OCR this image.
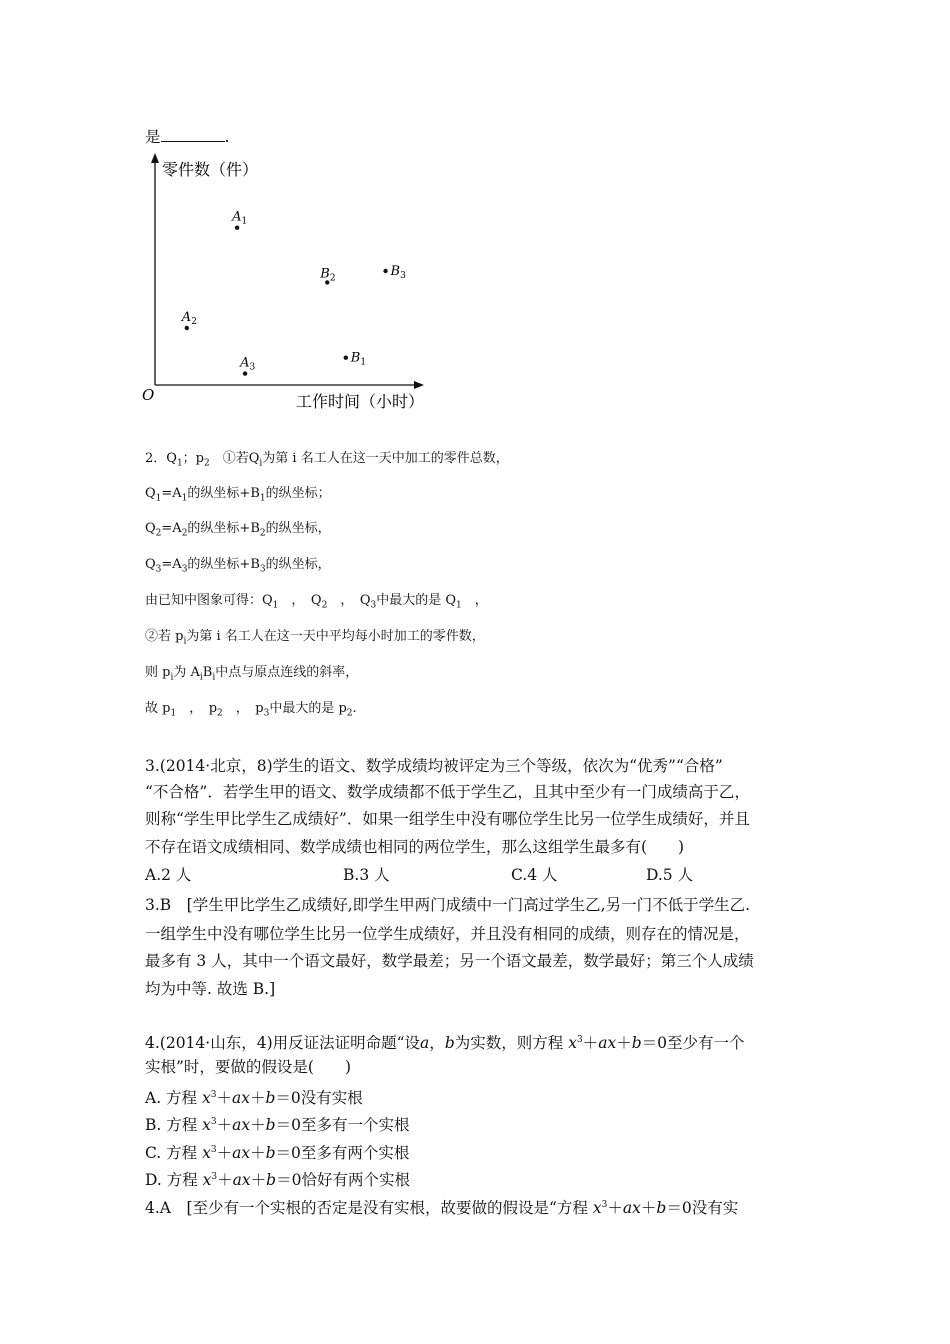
是	.
零件数（件）
工作时间（小时）
O
$A_1$
$A_2$
$A_3$
$B_1$
$B_2$	$B_3$
2．$Q_1$；$p_2$　①若$Q_i$为第 i 名工人在这一天中加工的零件总数，
$Q_1=A_1$的纵坐标$+B_1$的纵坐标；
$Q_2=A_2$的纵坐标$+B_2$的纵坐标，
$Q_3=A_3$的纵坐标$+B_3$的纵坐标，
由已知中图象可得：$Q_1$　，　$Q_2$　，　$Q_3$中最大的是 $Q_1$　，
②若 $p_i$为第 i 名工人在这一天中平均每小时加工的零件数，
则 $p_i$为 $A_iB_i$中点与原点连线的斜率，
故 $p_1$　，　$p_2$　，　$p_3$中最大的是 $p_2$.
3.(2014·北京，8)学生的语文、数学成绩均被评定为三个等级，依次为“优秀”“合格”
“不合格”．若学生甲的语文、数学成绩都不低于学生乙，且其中至少有一门成绩高于乙，
则称“学生甲比学生乙成绩好”．如果一组学生中没有哪位学生比另一位学生成绩好，并且
不存在语文成绩相同、数学成绩也相同的两位学生，那么这组学生最多有(　　)
A.2 人	B.3 人	C.4 人	D.5 人
3.B　[学生甲比学生乙成绩好,即学生甲两门成绩中一门高过学生乙,另一门不低于学生乙.
一组学生中没有哪位学生比另一位学生成绩好，并且没有相同的成绩，则存在的情况是，
最多有 3 人，其中一个语文最好，数学最差；另一个语文最差，数学最好；第三个人成绩
均为中等. 故选 B.]
4.(2014·山东，4)用反证法证明命题“设a，b为实数，则方程 $x^3+ax+b=0$至少有一个
实根”时，要做的假设是(　　)
A. 方程 $x^3+ax+b=0$没有实根
B. 方程 $x^3+ax+b=0$至多有一个实根
C. 方程 $x^3+ax+b=0$至多有两个实根
D. 方程 $x^3+ax+b=0$恰好有两个实根
4.A　[至少有一个实根的否定是没有实根，故要做的假设是“方程 $x^3+ax+b=0$没有实
